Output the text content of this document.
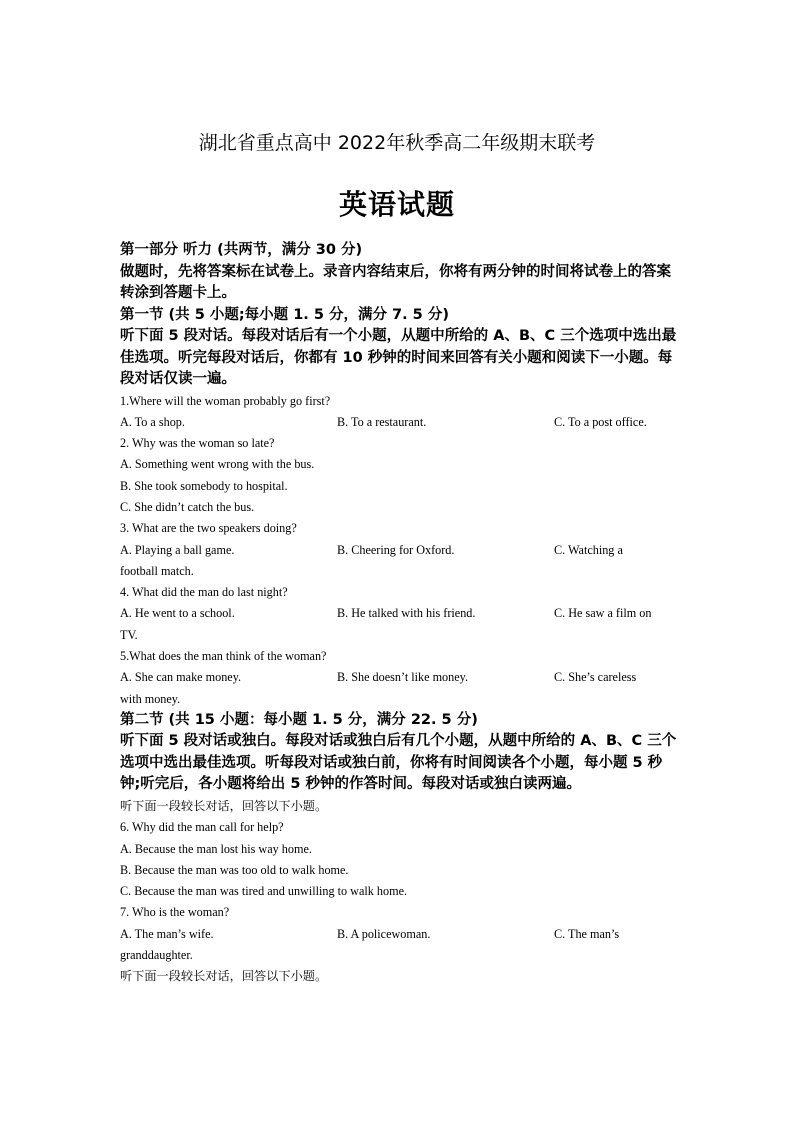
湖北省重点高中 2022年秋季高二年级期末联考
英语试题
第一部分 听力 (共两节，满分 30 分)
做题时，先将答案标在试卷上。录音内容结束后，你将有两分钟的时间将试卷上的答案转涂到答题卡上。
第一节 (共 5 小题;每小题 1. 5 分，满分 7. 5 分)
听下面 5 段对话。每段对话后有一个小题，从题中所给的 A、B、C 三个选项中选出最佳选项。听完每段对话后，你都有 10 秒钟的时间来回答有关小题和阅读下一小题。每段对话仅读一遍。
1.Where will the woman probably go first?
A. To a shop.	B. To a restaurant.	C. To a post office.
2. Why was the woman so late?
A. Something went wrong with the bus.
B. She took somebody to hospital.
C. She didn’t catch the bus.
3. What are the two speakers doing?
A. Playing a ball game.	B. Cheering for Oxford.	C. Watching a
football match.
4. What did the man do last night?
A. He went to a school.	B. He talked with his friend.	C. He saw a film on
TV.
5.What does the man think of the woman?
A. She can make money.	B. She doesn’t like money.	C. She’s careless
with money.
第二节 (共 15 小题：每小题 1. 5 分，满分 22. 5 分)
听下面 5 段对话或独白。每段对话或独白后有几个小题，从题中所给的 A、B、C 三个选项中选出最佳选项。听每段对话或独白前，你将有时间阅读各个小题，每小题 5 秒钟;听完后，各小题将给出 5 秒钟的作答时间。每段对话或独白读两遍。
听下面一段较长对话，回答以下小题。
6. Why did the man call for help?
A. Because the man lost his way home.
B. Because the man was too old to walk home.
C. Because the man was tired and unwilling to walk home.
7. Who is the woman?
A. The man’s wife.	B. A policewoman.	C. The man’s
granddaughter.
听下面一段较长对话，回答以下小题。
